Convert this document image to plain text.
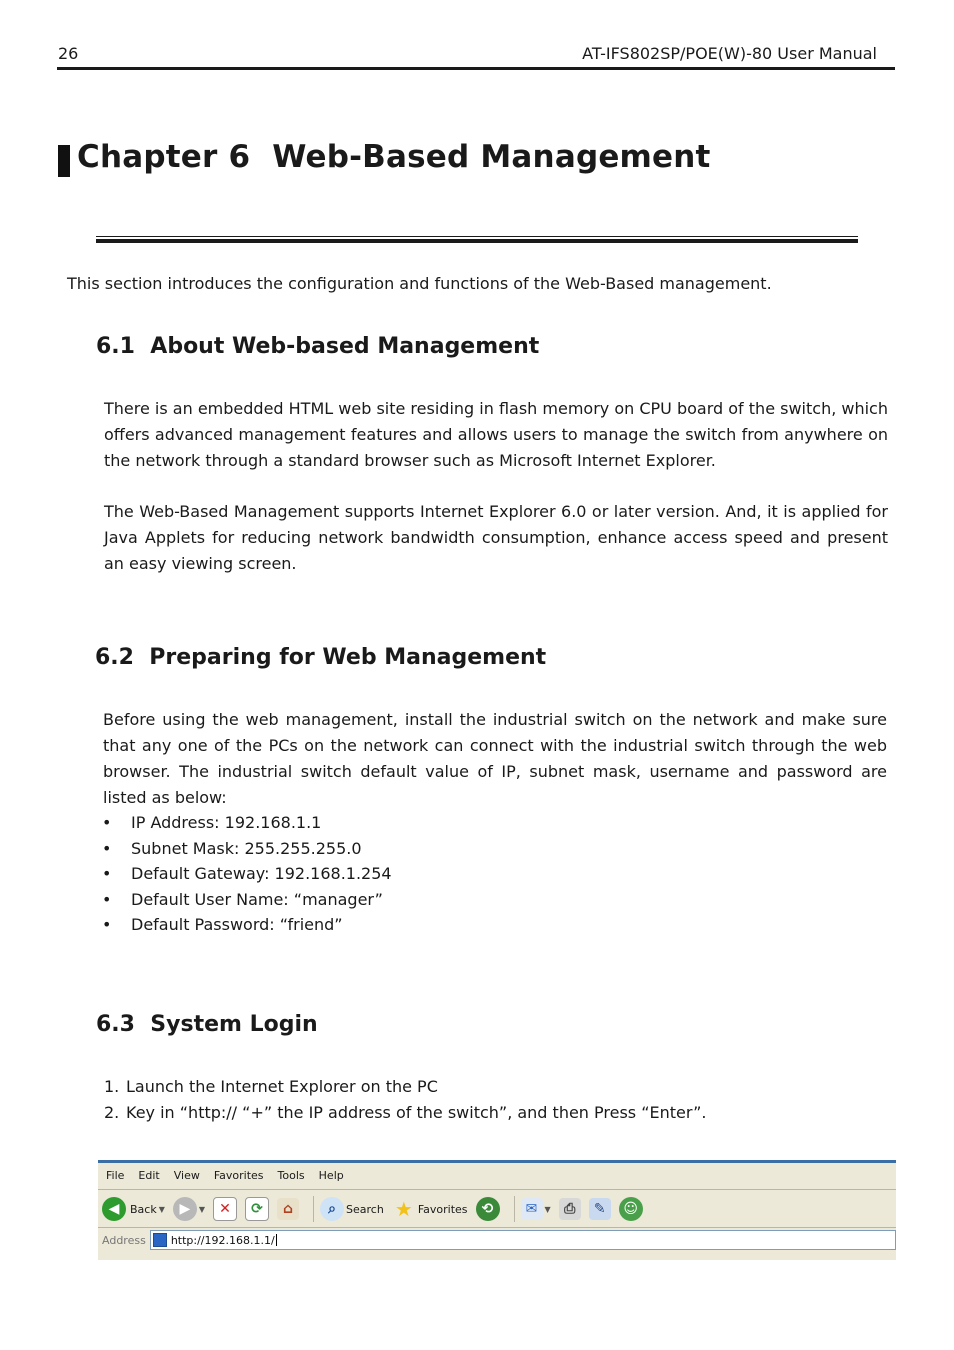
26	AT-IFS802SP/POE(W)-80 User Manual
Chapter 6  Web-Based Management
This section introduces the configuration and functions of the Web-Based management.
6.1  About Web-based Management

There is an embedded HTML web site residing in flash memory on CPU board of the switch, which offers advanced management features and allows users to manage the switch from anywhere on the network through a standard browser such as Microsoft Internet Explorer.

The Web-Based Management supports Internet Explorer 6.0 or later version. And, it is applied for Java Applets for reducing network bandwidth consumption, enhance access speed and present an easy viewing screen.

6.2  Preparing for Web Management

Before using the web management, install the industrial switch on the network and make sure that any one of the PCs on the network can connect with the industrial switch through the web browser. The industrial switch default value of IP, subnet mask, username and password are listed as below:

• IP Address: 192.168.1.1
• Subnet Mask: 255.255.255.0
• Default Gateway: 192.168.1.254
• Default User Name: “manager”
• Default Password: “friend”
6.3  System Login
1. Launch the Internet Explorer on the PC
2. Key in “http:// “+” the IP address of the switch”, and then Press “Enter”.
File Edit View Favorites Tools Help
◀ Back ▼	▶	▼	✕	⟳	⌂	⌕ Search ★ Favorites	⟲	✉ ▼ ⎙	✎	☺
Address http://192.168.1.1/
